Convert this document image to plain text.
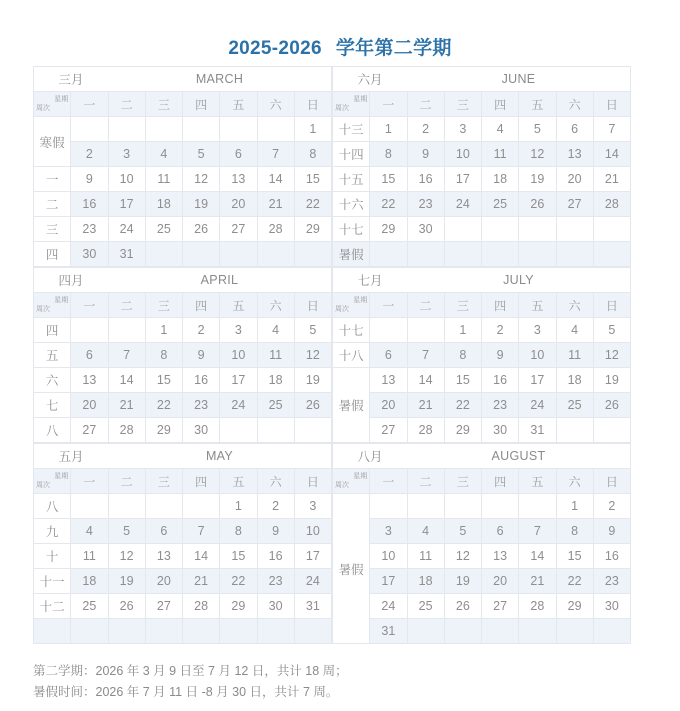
2025-2026 学年第二学期
三月		MARCH					

星期
周次	一	二	三	四	五	六	日
寒假							1
	2	3	4	5	6	7	8
一	9	10	11	12	13	14	15
二	16	17	18	19	20	21	22
三	23	24	25	26	27	28	29
四	30	31					
六月		JUNE					

星期
周次	一	二	三	四	五	六	日
十三	1	2	3	4	5	6	7
十四	8	9	10	11	12	13	14
十五	15	16	17	18	19	20	21
十六	22	23	24	25	26	27	28
十七	29	30					
暑假							
四月		APRIL					

星期
周次	一	二	三	四	五	六	日
四			1	2	3	4	5
五	6	7	8	9	10	11	12
六	13	14	15	16	17	18	19
七	20	21	22	23	24	25	26
八	27	28	29	30			
七月		JULY					

星期
周次	一	二	三	四	五	六	日
十七			1	2	3	4	5
十八	6	7	8	9	10	11	12
暑假	13	14	15	16	17	18	19
	20	21	22	23	24	25	26
	27	28	29	30	31		
五月		MAY					

星期
周次	一	二	三	四	五	六	日
八					1	2	3
九	4	5	6	7	8	9	10
十	11	12	13	14	15	16	17
十一	18	19	20	21	22	23	24
十二	25	26	27	28	29	30	31

八月		AUGUST					

星期
周次	一	二	三	四	五	六	日
暑假						1	2
	3	4	5	6	7	8	9
	10	11	12	13	14	15	16
	17	18	19	20	21	22	23
	24	25	26	27	28	29	30
	31						
第二学期：2026 年 3 月 9 日至 7 月 12 日，共计 18 周；
暑假时间：2026 年 7 月 11 日 -8 月 30 日，共计 7 周。
